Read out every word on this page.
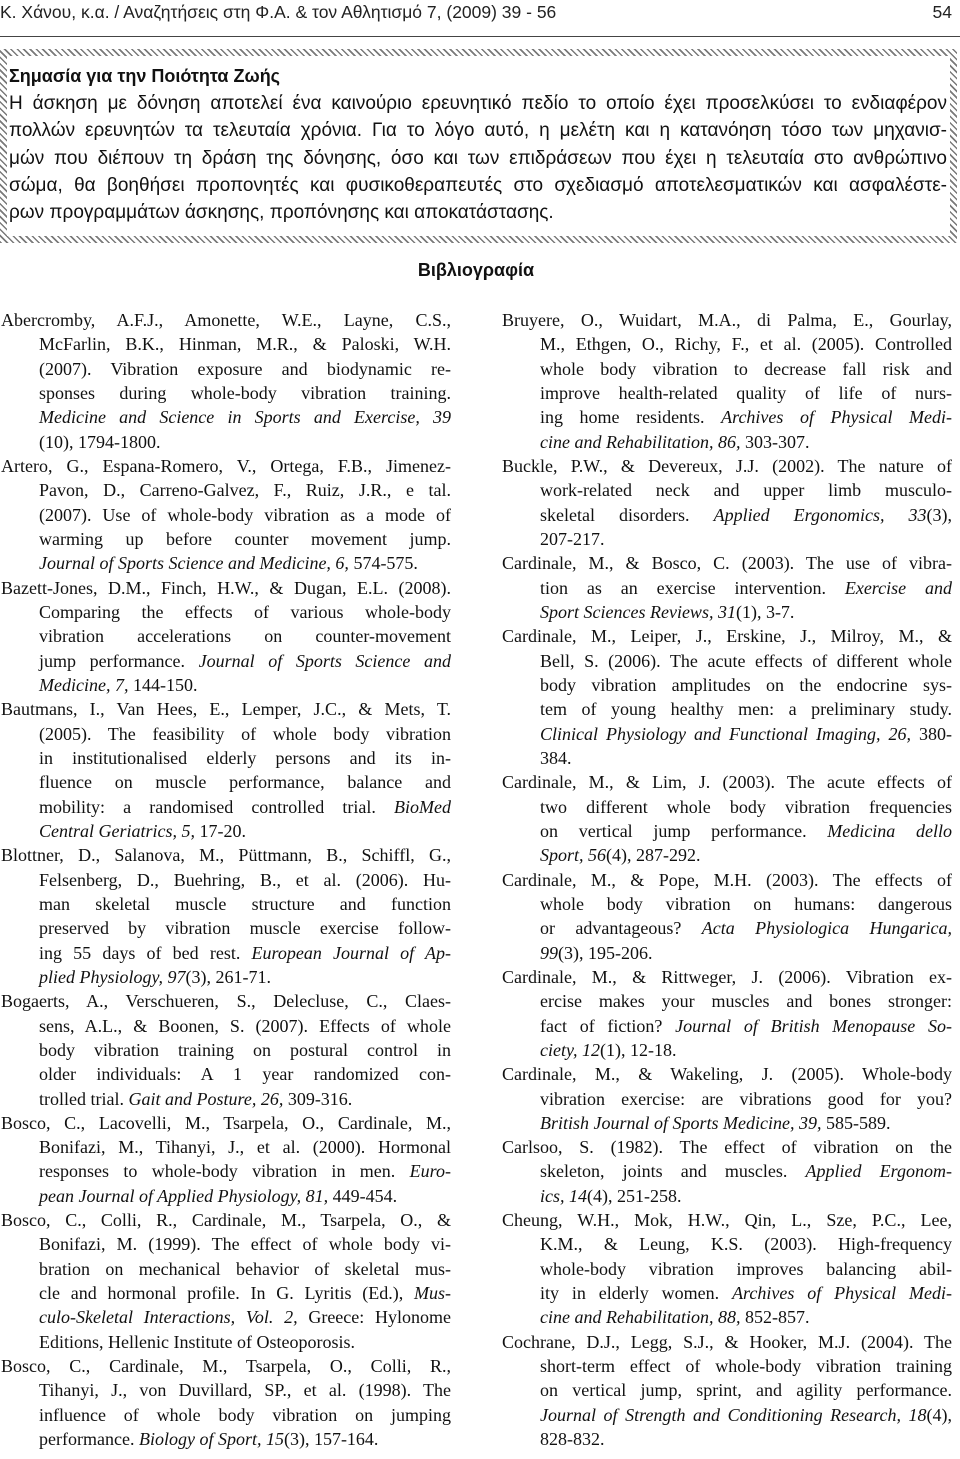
Κ. Χάνου, κ.α. / Αναζητήσεις στη Φ.Α. & τον Αθλητισμό 7, (2009) 39 - 56	54
Σημασία για την Ποιότητα Ζωής
Η άσκηση με δόνηση αποτελεί ένα καινούριο ερευνητικό πεδίο το οποίο έχει προσελκύσει το ενδιαφέρον
πολλών ερευνητών τα τελευταία χρόνια. Για το λόγο αυτό, η μελέτη και η κατανόηση τόσο των μηχανισ-
μών που διέπουν τη δράση της δόνησης, όσο και των επιδράσεων που έχει η τελευταία στο ανθρώπινο
σώμα, θα βοηθήσει προπονητές και φυσικοθεραπευτές στο σχεδιασμό αποτελεσματικών και ασφαλέστε-
ρων προγραμμάτων άσκησης, προπόνησης και αποκατάστασης.
Βιβλιογραφία
Abercromby, A.F.J., Amonette, W.E., Layne, C.S.,
McFarlin, B.K., Hinman, M.R., & Paloski, W.H.
(2007). Vibration exposure and biodynamic re-
sponses during whole-body vibration training.
Medicine and Science in Sports and Exercise, 39
(10), 1794-1800.
Artero, G., Espana-Romero, V., Ortega, F.B., Jimenez-
Pavon, D., Carreno-Galvez, F., Ruiz, J.R., e tal.
(2007). Use of whole-body vibration as a mode of
warming up before counter movement jump.
Journal of Sports Science and Medicine, 6, 574-575.
Bazett-Jones, D.M., Finch, H.W., & Dugan, E.L. (2008).
Comparing the effects of various whole-body
vibration accelerations on counter-movement
jump performance. Journal of Sports Science and
Medicine, 7, 144-150.
Bautmans, I., Van Hees, E., Lemper, J.C., & Mets, T.
(2005). The feasibility of whole body vibration
in institutionalised elderly persons and its in-
fluence on muscle performance, balance and
mobility: a randomised controlled trial. BioMed
Central Geriatrics, 5, 17-20.
Blottner, D., Salanova, M., Püttmann, B., Schiffl, G.,
Felsenberg, D., Buehring, B., et al. (2006). Hu-
man skeletal muscle structure and function
preserved by vibration muscle exercise follow-
ing 55 days of bed rest. European Journal of Ap-
plied Physiology, 97(3), 261-71.
Bogaerts, A., Verschueren, S., Delecluse, C., Claes-
sens, A.L., & Boonen, S. (2007). Effects of whole
body vibration training on postural control in
older individuals: A 1 year randomized con-
trolled trial. Gait and Posture, 26, 309-316.
Bosco, C., Lacovelli, M., Tsarpela, O., Cardinale, M.,
Bonifazi, M., Tihanyi, J., et al. (2000). Hormonal
responses to whole-body vibration in men. Euro-
pean Journal of Applied Physiology, 81, 449-454.
Bosco, C., Colli, R., Cardinale, M., Tsarpela, O., &
Bonifazi, M. (1999). The effect of whole body vi-
bration on mechanical behavior of skeletal mus-
cle and hormonal profile. In G. Lyritis (Ed.), Mus-
culo-Skeletal Interactions, Vol. 2, Greece: Hylonome
Editions, Hellenic Institute of Osteoporosis.
Bosco, C., Cardinale, M., Tsarpela, O., Colli, R.,
Tihanyi, J., von Duvillard, SP., et al. (1998). The
influence of whole body vibration on jumping
performance. Biology of Sport, 15(3), 157-164.
Bruyere, O., Wuidart, M.A., di Palma, E., Gourlay,
M., Ethgen, O., Richy, F., et al. (2005). Controlled
whole body vibration to decrease fall risk and
improve health-related quality of life of nurs-
ing home residents. Archives of Physical Medi-
cine and Rehabilitation, 86, 303-307.
Buckle, P.W., & Devereux, J.J. (2002). The nature of
work-related neck and upper limb musculo-
skeletal disorders. Applied Ergonomics, 33(3),
207-217.
Cardinale, M., & Bosco, C. (2003). The use of vibra-
tion as an exercise intervention. Exercise and
Sport Sciences Reviews, 31(1), 3-7.
Cardinale, M., Leiper, J., Erskine, J., Milroy, M., &
Bell, S. (2006). The acute effects of different whole
body vibration amplitudes on the endocrine sys-
tem of young healthy men: a preliminary study.
Clinical Physiology and Functional Imaging, 26, 380-
384.
Cardinale, M., & Lim, J. (2003). The acute effects of
two different whole body vibration frequencies
on vertical jump performance. Medicina dello
Sport, 56(4), 287-292.
Cardinale, M., & Pope, M.H. (2003). The effects of
whole body vibration on humans: dangerous
or advantageous? Acta Physiologica Hungarica,
99(3), 195-206.
Cardinale, M., & Rittweger, J. (2006). Vibration ex-
ercise makes your muscles and bones stronger:
fact of fiction? Journal of British Menopause So-
ciety, 12(1), 12-18.
Cardinale, M., & Wakeling, J. (2005). Whole-body
vibration exercise: are vibrations good for you?
British Journal of Sports Medicine, 39, 585-589.
Carlsoo, S. (1982). The effect of vibration on the
skeleton, joints and muscles. Applied Ergonom-
ics, 14(4), 251-258.
Cheung, W.H., Mok, H.W., Qin, L., Sze, P.C., Lee,
K.M., & Leung, K.S. (2003). High-frequency
whole-body vibration improves balancing abil-
ity in elderly women. Archives of Physical Medi-
cine and Rehabilitation, 88, 852-857.
Cochrane, D.J., Legg, S.J., & Hooker, M.J. (2004). The
short-term effect of whole-body vibration training
on vertical jump, sprint, and agility performance.
Journal of Strength and Conditioning Research, 18(4),
828-832.
